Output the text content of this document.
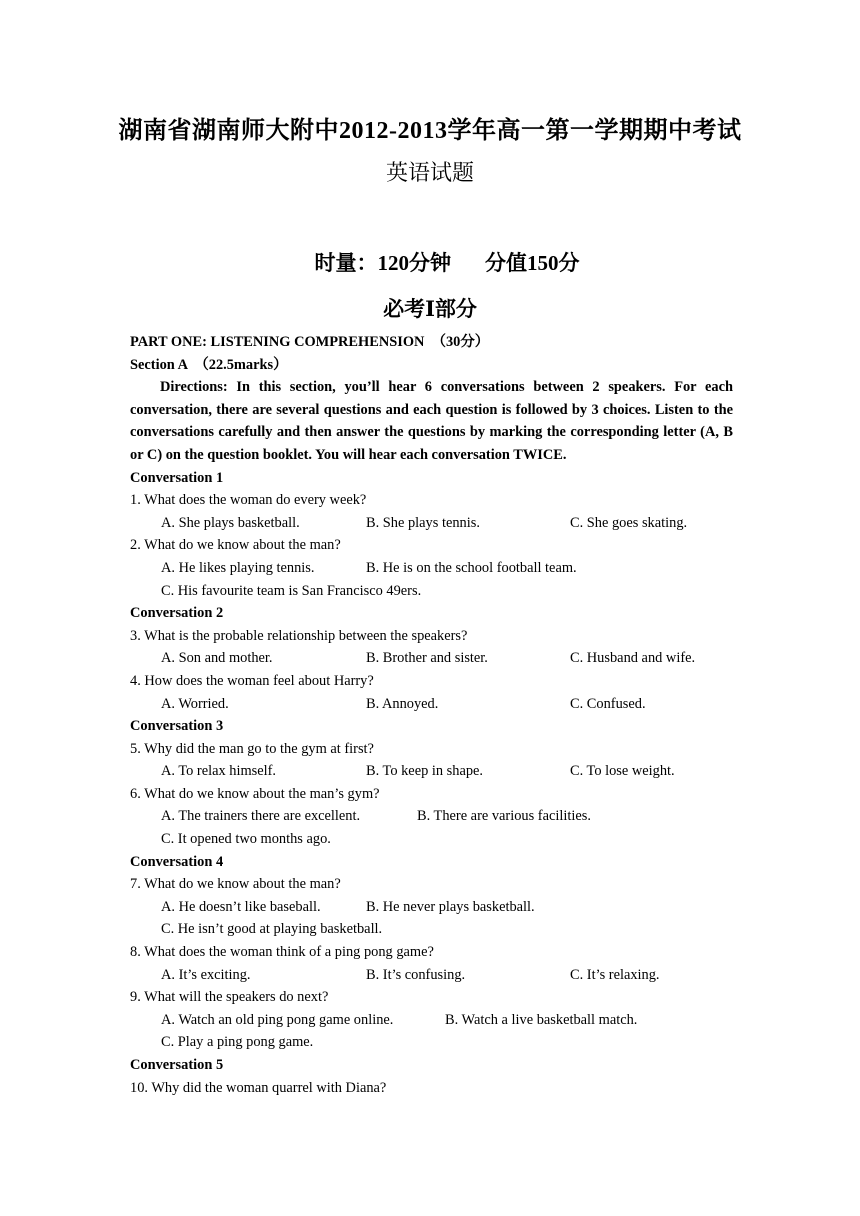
湖南省湖南师大附中2012-2013学年高一第一学期期中考试
英语试题
时量：120分钟 分值150分
必考Ⅰ部分
PART ONE: LISTENING COMPREHENSION　（30分）
Section A　（22.5marks）
Directions: In this section, you’ll hear 6 conversations between 2 speakers. For each conversation, there are several questions and each question is followed by 3 choices. Listen to the conversations carefully and then answer the questions by marking the corresponding letter (A, B or C) on the question booklet. You will hear each conversation TWICE.
Conversation 1
1. What does the woman do every week?
A. She plays basketball.	B. She plays tennis.	C. She goes skating.
2. What do we know about the man?
A. He likes playing tennis.	B. He is on the school football team.
C. His favourite team is San Francisco 49ers.
Conversation 2
3. What is the probable relationship between the speakers?
A. Son and mother.	B. Brother and sister.	C. Husband and wife.
4. How does the woman feel about Harry?
A. Worried.	B. Annoyed.	C. Confused.
Conversation 3
5. Why did the man go to the gym at first?
A. To relax himself.	B. To keep in shape.	C. To lose weight.
6. What do we know about the man’s gym?
A. The trainers there are excellent.	B. There are various facilities.
C. It opened two months ago.
Conversation 4
7. What do we know about the man?
A. He doesn’t like baseball.	B. He never plays basketball.
C. He isn’t good at playing basketball.
8. What does the woman think of a ping pong game?
A. It’s exciting.	B. It’s confusing.	C. It’s relaxing.
9. What will the speakers do next?
A. Watch an old ping pong game online.	B. Watch a live basketball match.
C. Play a ping pong game.
Conversation 5
10. Why did the woman quarrel with Diana?
